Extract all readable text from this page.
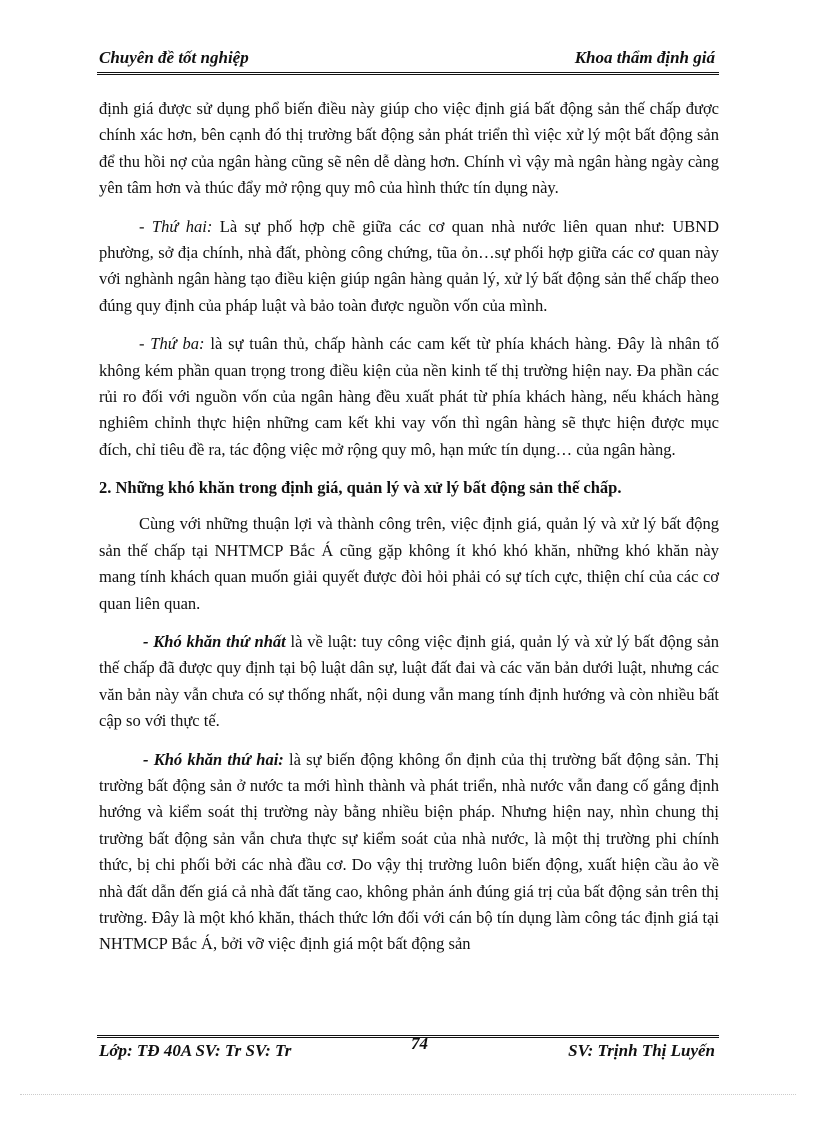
Chuyên đề tốt nghiệp	Khoa thẩm định giá

định giá được sử dụng phổ biến điều này giúp cho việc định giá bất động sản thế chấp được chính xác hơn, bên cạnh đó thị trường bất động sản phát triển thì việc xử lý một bất động sản để thu hồi nợ của ngân hàng cũng sẽ nên dễ dàng hơn. Chính vì vậy mà ngân hàng ngày càng yên tâm hơn và thúc đẩy mở rộng quy mô của hình thức tín dụng này.

- Thứ hai: Là sự phố hợp chẽ giữa các cơ quan nhà nước liên quan như: UBND phường, sở địa chính, nhà đất, phòng công chứng, tũa ỏn…sự phối hợp giữa các cơ quan này với nghành ngân hàng tạo điều kiện giúp ngân hàng quản lý, xử lý bất động sản thế chấp theo đúng quy định của pháp luật và bảo toàn được nguồn vốn của mình.

- Thứ ba: là sự tuân thủ, chấp hành các cam kết từ phía khách hàng. Đây là nhân tố không kém phần quan trọng trong điều kiện của nền kinh tế thị trường hiện nay. Đa phần các rủi ro đối với nguồn vốn của ngân hàng đều xuất phát từ phía khách hàng, nếu khách hàng nghiêm chỉnh thực hiện những cam kết khi vay vốn thì ngân hàng sẽ thực hiện được mục đích, chỉ tiêu đề ra, tác động việc mở rộng quy mô, hạn mức tín dụng… của ngân hàng.

2. Những khó khăn trong định giá, quản lý và xử lý bất động sản thế chấp.

Cùng với những thuận lợi và thành công trên, việc định giá, quản lý và xử lý bất động sản thế chấp tại NHTMCP Bắc Á cũng gặp không ít khó khó khăn, những khó khăn này mang tính khách quan muốn giải quyết được đòi hỏi phải có sự tích cực, thiện chí của các cơ quan liên quan.

- Khó khăn thứ nhất là về luật: tuy công việc định giá, quản lý và xử lý bất động sản thế chấp đã được quy định tại bộ luật dân sự, luật đất đai và các văn bản dưới luật, nhưng các văn bản này vẫn chưa có sự thống nhất, nội dung vẫn mang tính định hướng và còn nhiều bất cập so với thực tế.

- Khó khăn thứ hai: là sự biến động không ổn định của thị trường bất động sản. Thị trường bất động sản ở nước ta mới hình thành và phát triển, nhà nước vẫn đang cố gắng định hướng và kiểm soát thị trường này bằng nhiều biện pháp. Nhưng hiện nay, nhìn chung thị trường bất động sản vẫn chưa thực sự kiểm soát của nhà nước, là một thị trường phi chính thức, bị chi phối bởi các nhà đầu cơ. Do vậy thị trường luôn biến động, xuất hiện cầu ảo về nhà đất dẫn đến giá cả nhà đất tăng cao, không phản ánh đúng giá trị của bất động sản trên thị trường. Đây là một khó khăn, thách thức lớn đối với cán bộ tín dụng làm công tác định giá tại NHTMCP Bắc Á, bởi vỡ việc định giá một bất động sản

Lớp: TĐ 40A SV: Tr SV: Tr	74	SV: Trịnh Thị Luyến
